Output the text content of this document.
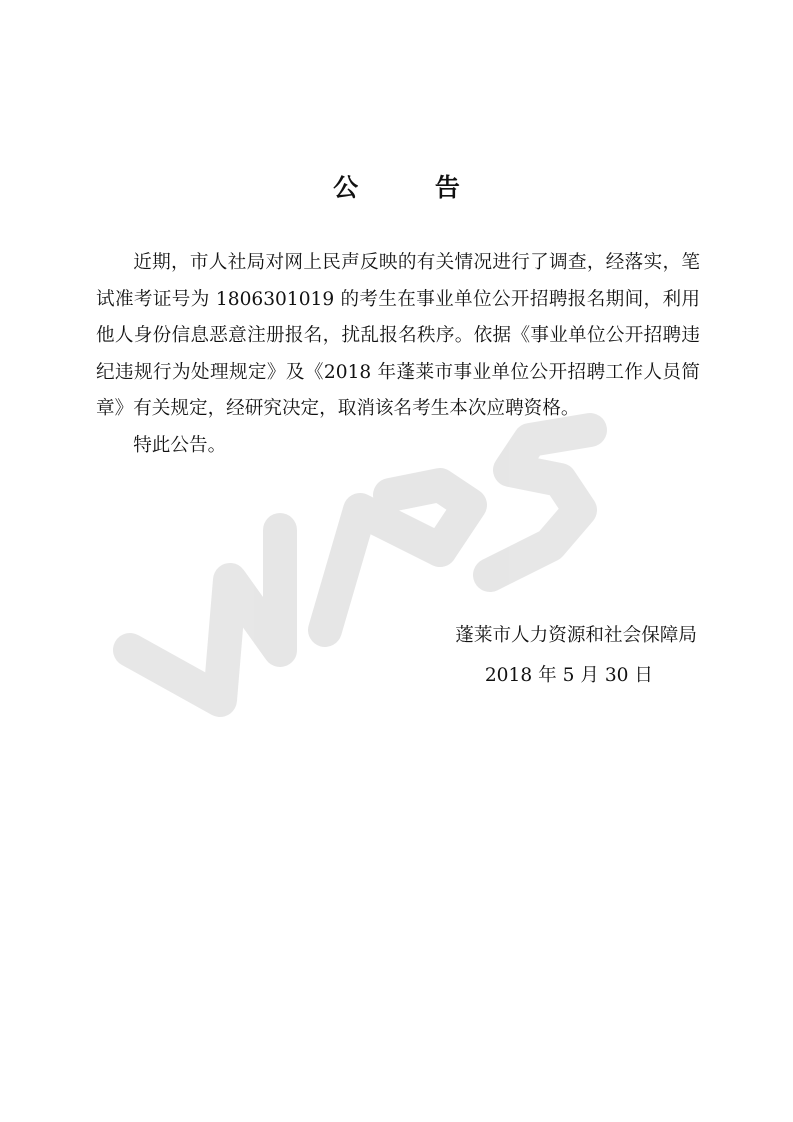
公 告

近期，市人社局对网上民声反映的有关情况进行了调查，经落实，笔试准考证号为 1806301019 的考生在事业单位公开招聘报名期间，利用他人身份信息恶意注册报名，扰乱报名秩序。依据《事业单位公开招聘违纪违规行为处理规定》及《2018 年蓬莱市事业单位公开招聘工作人员简章》有关规定，经研究决定，取消该名考生本次应聘资格。

特此公告。

蓬莱市人力资源和社会保障局
2018 年 5 月 30 日
